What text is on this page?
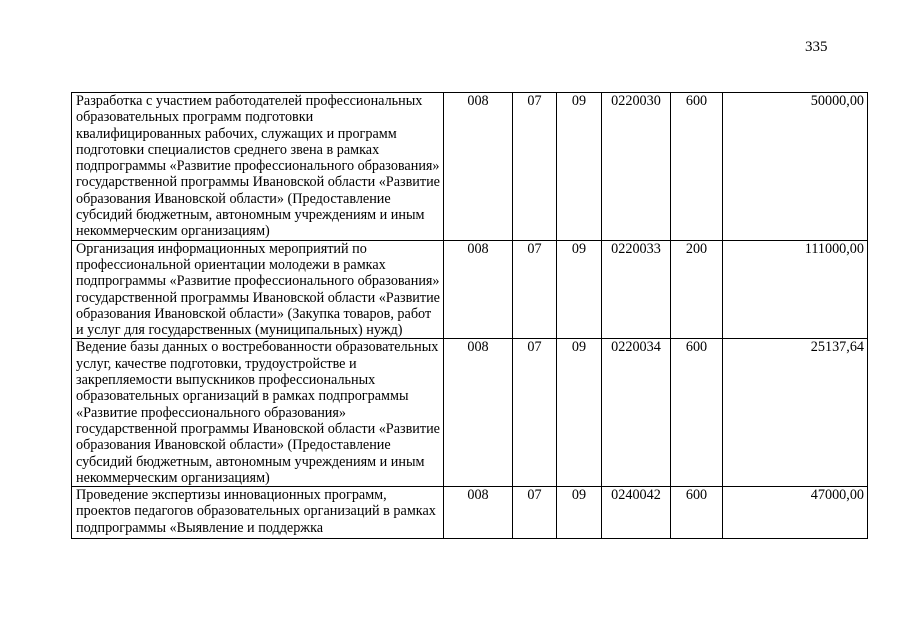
335
Разработка с участием работодателей профессиональных образовательных программ подготовки квалифицированных рабочих, служащих и программ подготовки специалистов среднего звена в рамках подпрограммы «Развитие профессионального образования» государственной программы Ивановской области «Развитие образования Ивановской области» (Предоставление субсидий бюджетным, автономным учреждениям и иным некоммерческим организациям)	008	07	09	0220030	600	50000,00
Организация информационных мероприятий по профессиональной ориентации молодежи в рамках подпрограммы «Развитие профессионального образования» государственной программы Ивановской области «Развитие образования Ивановской области» (Закупка товаров, работ и услуг для государственных (муниципальных) нужд)	008	07	09	0220033	200	111000,00
Ведение базы данных о востребованности образовательных услуг, качестве подготовки, трудоустройстве и закрепляемости выпускников профессиональных образовательных организаций в рамках подпрограммы «Развитие профессионального образования» государственной программы Ивановской области «Развитие образования Ивановской области» (Предоставление субсидий бюджетным, автономным учреждениям и иным некоммерческим организациям)	008	07	09	0220034	600	25137,64

Проведение экспертизы инновационных программ, проектов педагогов образовательных организаций в рамках подпрограммы «Выявление и поддержка	008	07	09	0240042	600	47000,00
